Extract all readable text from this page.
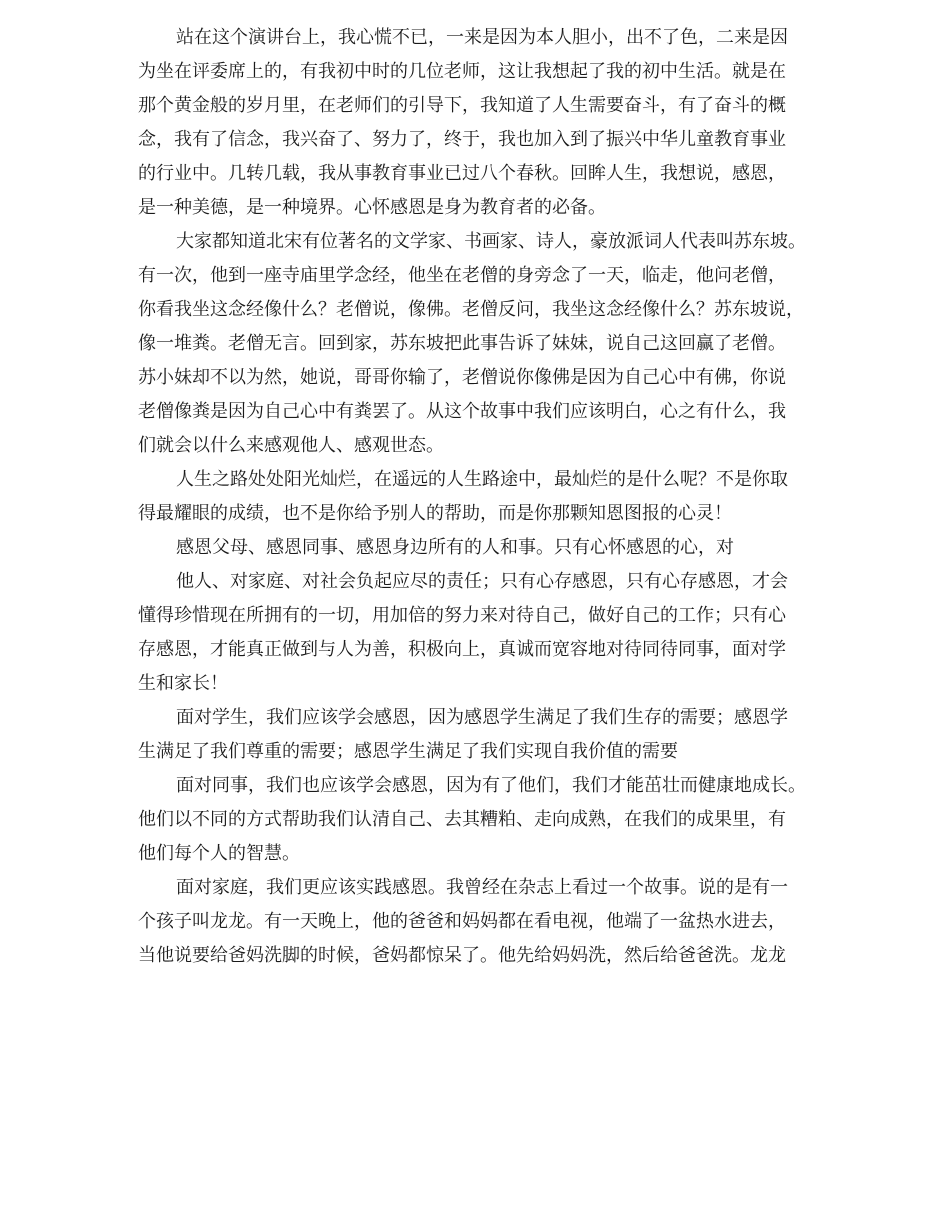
站在这个演讲台上，我心慌不已，一来是因为本人胆小，出不了色，二来是因
为坐在评委席上的，有我初中时的几位老师，这让我想起了我的初中生活。就是在
那个黄金般的岁月里，在老师们的引导下，我知道了人生需要奋斗，有了奋斗的概
念，我有了信念，我兴奋了、努力了，终于，我也加入到了振兴中华儿童教育事业
的行业中。几转几载，我从事教育事业已过八个春秋。回眸人生，我想说，感恩，
是一种美德，是一种境界。心怀感恩是身为教育者的必备。
大家都知道北宋有位著名的文学家、书画家、诗人，豪放派词人代表叫苏东坡。
有一次，他到一座寺庙里学念经，他坐在老僧的身旁念了一天，临走，他问老僧，
你看我坐这念经像什么？老僧说，像佛。老僧反问，我坐这念经像什么？苏东坡说，
像一堆粪。老僧无言。回到家，苏东坡把此事告诉了妹妹，说自己这回赢了老僧。
苏小妹却不以为然，她说，哥哥你输了，老僧说你像佛是因为自己心中有佛，你说
老僧像粪是因为自己心中有粪罢了。从这个故事中我们应该明白，心之有什么，我
们就会以什么来感观他人、感观世态。
人生之路处处阳光灿烂，在遥远的人生路途中，最灿烂的是什么呢？不是你取
得最耀眼的成绩，也不是你给予别人的帮助，而是你那颗知恩图报的心灵！
感恩父母、感恩同事、感恩身边所有的人和事。只有心怀感恩的心，对
他人、对家庭、对社会负起应尽的责任；只有心存感恩，只有心存感恩，才会
懂得珍惜现在所拥有的一切，用加倍的努力来对待自己，做好自己的工作；只有心
存感恩，才能真正做到与人为善，积极向上，真诚而宽容地对待同待同事，面对学
生和家长！
面对学生，我们应该学会感恩，因为感恩学生满足了我们生存的需要；感恩学
生满足了我们尊重的需要；感恩学生满足了我们实现自我价值的需要
面对同事，我们也应该学会感恩，因为有了他们，我们才能茁壮而健康地成长。
他们以不同的方式帮助我们认清自己、去其糟粕、走向成熟，在我们的成果里，有
他们每个人的智慧。
面对家庭，我们更应该实践感恩。我曾经在杂志上看过一个故事。说的是有一
个孩子叫龙龙。有一天晚上，他的爸爸和妈妈都在看电视，他端了一盆热水进去，
当他说要给爸妈洗脚的时候，爸妈都惊呆了。他先给妈妈洗，然后给爸爸洗。龙龙
